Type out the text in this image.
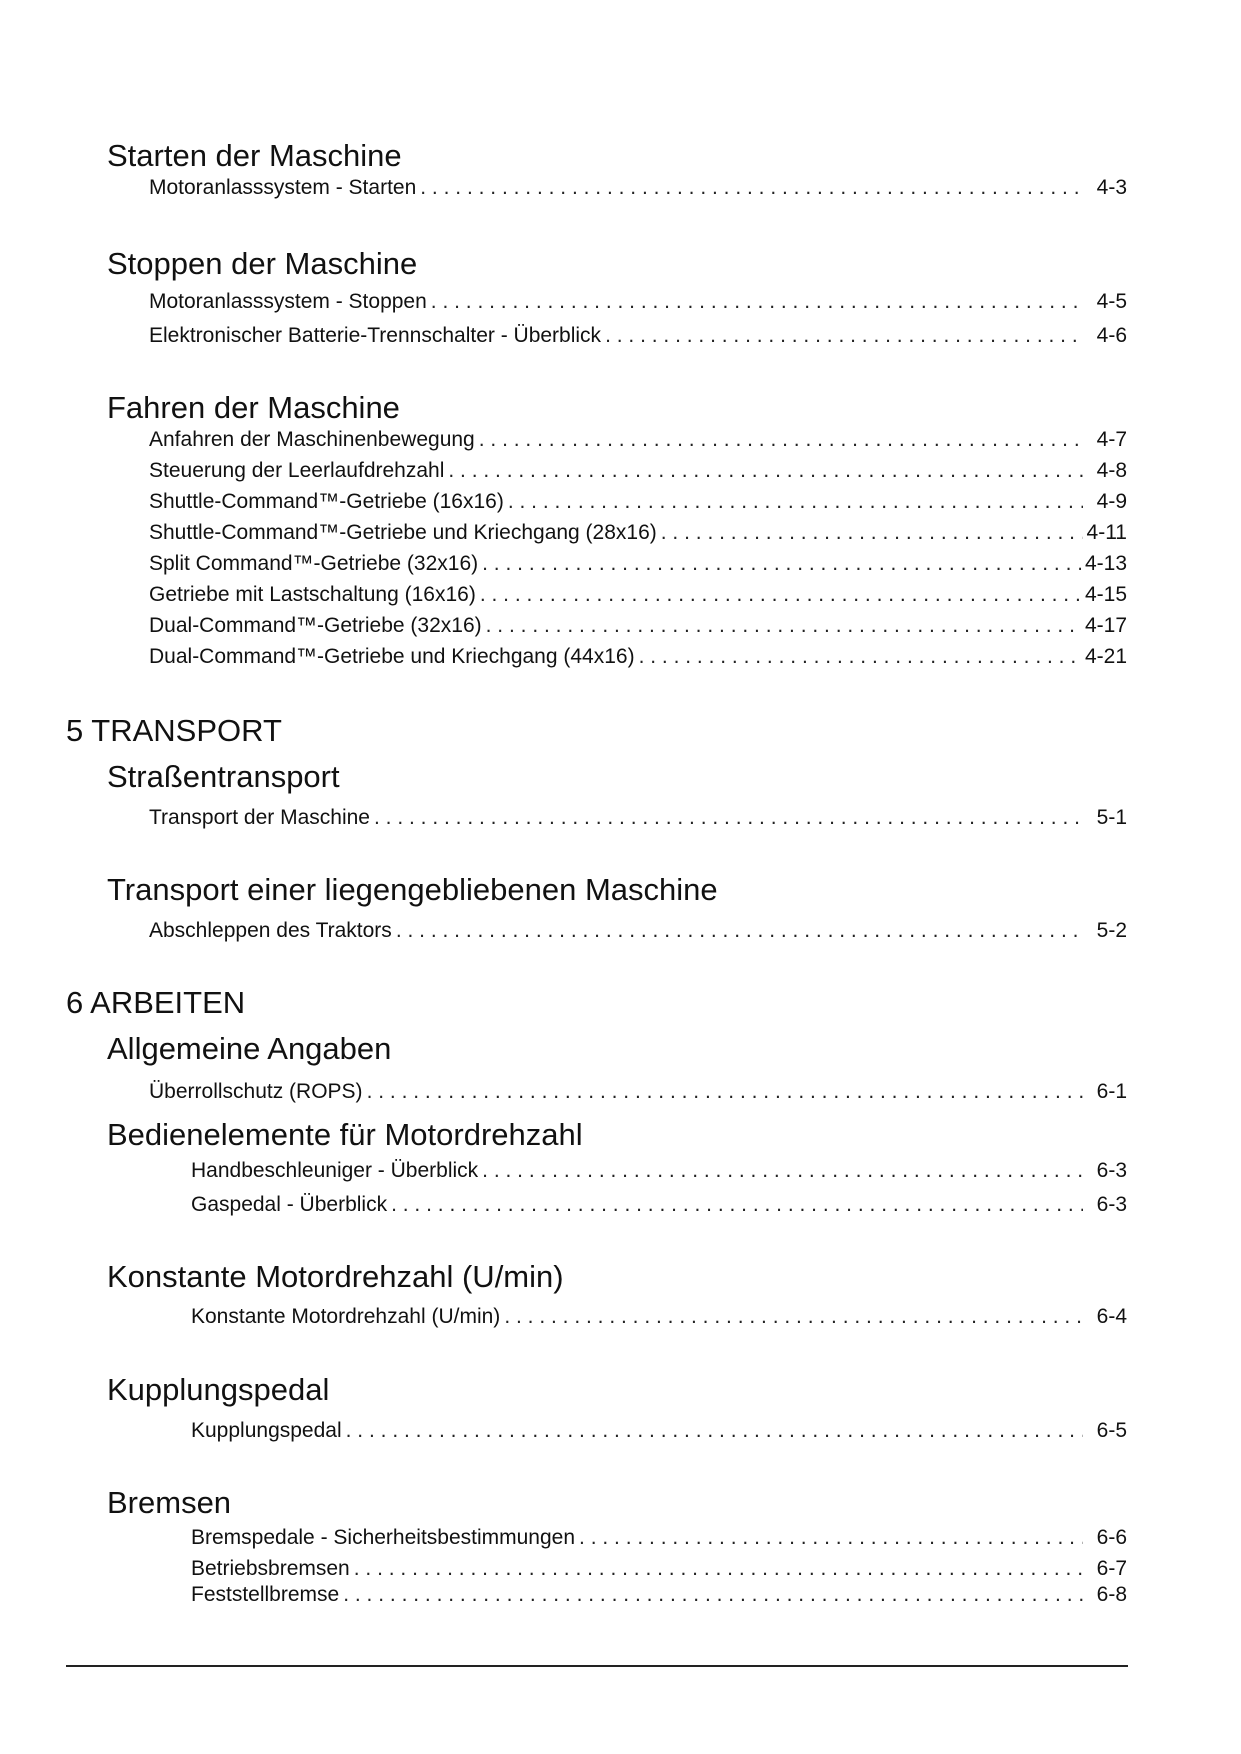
Starten der Maschine
Motoranlasssystem - Starten . . .	4-3
Stoppen der Maschine
Motoranlasssystem - Stoppen . . .	4-5
Elektronischer Batterie-Trennschalter - Überblick . . .	4-6
Fahren der Maschine
Anfahren der Maschinenbewegung . . .	4-7
Steuerung der Leerlaufdrehzahl . . .	4-8
Shuttle-Command™-Getriebe (16x16) . . .	4-9
Shuttle-Command™-Getriebe und Kriechgang (28x16) . . .	4-11
Split Command™-Getriebe (32x16) . . .	4-13
Getriebe mit Lastschaltung (16x16) . . .	4-15
Dual-Command™-Getriebe (32x16) . . .	4-17
Dual-Command™-Getriebe und Kriechgang (44x16) . . .	4-21
5 TRANSPORT
Straßentransport
Transport der Maschine . . .	5-1
Transport einer liegengebliebenen Maschine
Abschleppen des Traktors . . .	5-2
6 ARBEITEN
Allgemeine Angaben
Überrollschutz (ROPS) . . .	6-1
Bedienelemente für Motordrehzahl
Handbeschleuniger - Überblick . . .	6-3
Gaspedal - Überblick . . .	6-3
Konstante Motordrehzahl (U/min)
Konstante Motordrehzahl (U/min) . . .	6-4
Kupplungspedal
Kupplungspedal . . .	6-5
Bremsen
Bremspedale - Sicherheitsbestimmungen . . .	6-6
Betriebsbremsen . . .	6-7
Feststellbremse . . .	6-8
